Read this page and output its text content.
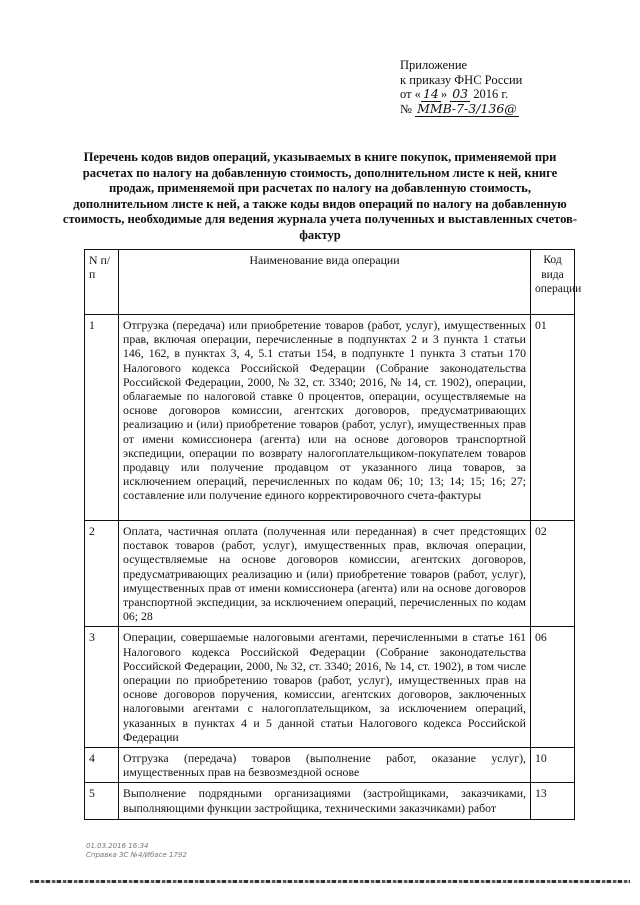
Приложение
к приказу ФНС России
от « 14 » 03 2016 г.
№ ММВ-7-3/136@
Перечень кодов видов операций, указываемых в книге покупок, применяемой при расчетах по налогу на добавленную стоимость, дополнительном листе к ней, книге продаж, применяемой при расчетах по налогу на добавленную стоимость, дополнительном листе к ней, а также коды видов операций по налогу на добавленную стоимость, необходимые для ведения журнала учета полученных и выставленных счетов-фактур
N п/п	Наименование вида операции	Код вида операции
1	Отгрузка (передача) или приобретение товаров (работ, услуг), имущественных прав, включая операции, перечисленные в подпунктах 2 и 3 пункта 1 статьи 146, 162, в пунктах 3, 4, 5.1 статьи 154, в подпункте 1 пункта 3 статьи 170 Налогового кодекса Российской Федерации (Собрание законодательства Российской Федерации, 2000, № 32, ст. 3340; 2016, № 14, ст. 1902), операции, облагаемые по налоговой ставке 0 процентов, операции, осуществляемые на основе договоров комиссии, агентских договоров, предусматривающих реализацию и (или) приобретение товаров (работ, услуг), имущественных прав от имени комиссионера (агента) или на основе договоров транспортной экспедиции, операции по возврату налогоплательщиком-покупателем товаров продавцу или получение продавцом от указанного лица товаров, за исключением операций, перечисленных по кодам 06; 10; 13; 14; 15; 16; 27; составление или получение единого корректировочного счета-фактуры	01
2	Оплата, частичная оплата (полученная или переданная) в счет предстоящих поставок товаров (работ, услуг), имущественных прав, включая операции, осуществляемые на основе договоров комиссии, агентских договоров, предусматривающих реализацию и (или) приобретение товаров (работ, услуг), имущественных прав от имени комиссионера (агента) или на основе договоров транспортной экспедиции, за исключением операций, перечисленных по кодам 06; 28	02
3	Операции, совершаемые налоговыми агентами, перечисленными в статье 161 Налогового кодекса Российской Федерации (Собрание законодательства Российской Федерации, 2000, № 32, ст. 3340; 2016, № 14, ст. 1902), в том числе операции по приобретению товаров (работ, услуг), имущественных прав на основе договоров поручения, комиссии, агентских договоров, заключенных налоговыми агентами с налогоплательщиком, за исключением операций, указанных в пунктах 4 и 5 данной статьи Налогового кодекса Российской Федерации	06
4	Отгрузка (передача) товаров (выполнение работ, оказание услуг), имущественных прав на безвозмездной основе	10
5	Выполнение подрядными организациями (застройщиками, заказчиками, выполняющими функции застройщика, техническими заказчиками) работ	13
01.03.2016 16:34
Справка ЗС №4/Ибасе 1792
